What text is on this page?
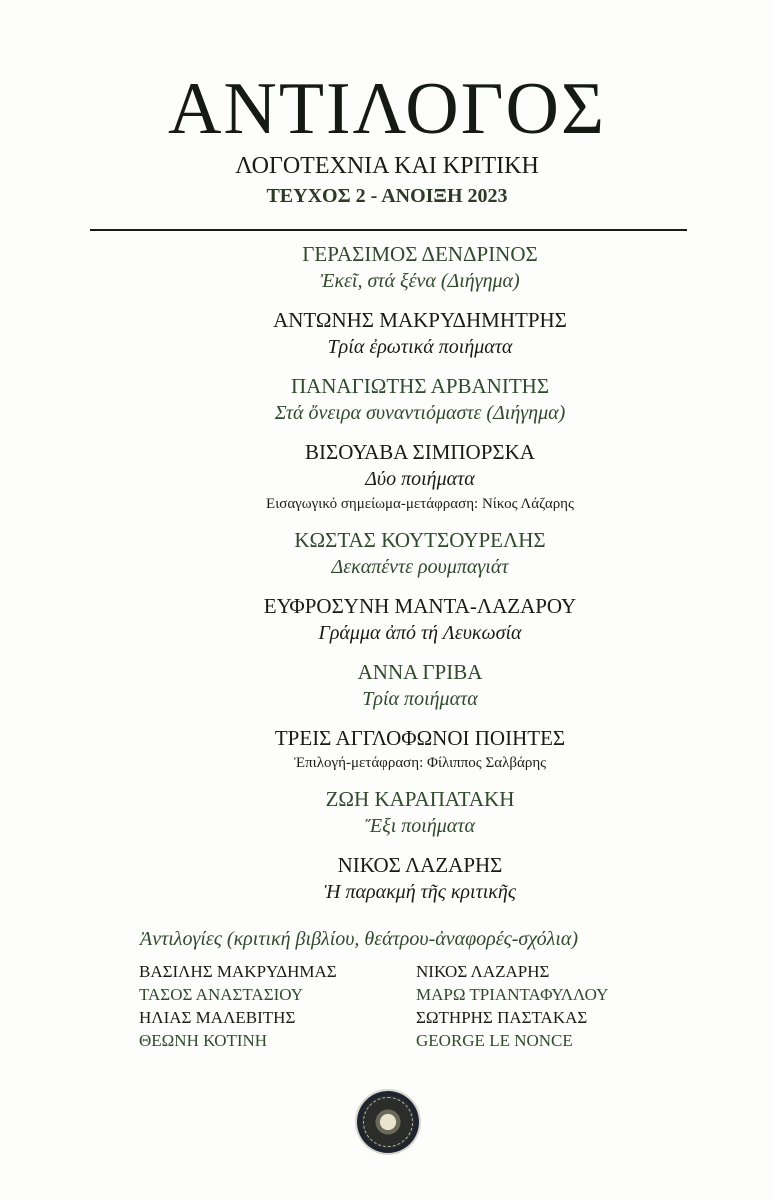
ΑΝΤΙΛΟΓΟΣ
ΛΟΓΟΤΕΧΝΙΑ ΚΑΙ ΚΡΙΤΙΚΗ
ΤΕΥΧΟΣ 2 - ΑΝΟΙΞΗ 2023
ΓΕΡΑΣΙΜΟΣ ΔΕΝΔΡΙΝΟΣ
Ἐκεῖ, στά ξένα (Διήγημα)
ΑΝΤΩΝΗΣ ΜΑΚΡΥΔΗΜΗΤΡΗΣ
Τρία ἐρωτικά ποιήματα
ΠΑΝΑΓΙΩΤΗΣ ΑΡΒΑΝΙΤΗΣ
Στά ὄνειρα συναντιόμαστε (Διήγημα)
ΒΙΣΟΥΑΒΑ ΣΙΜΠΟΡΣΚΑ
Δύο ποιήματα
Εισαγωγικό σημείωμα-μετάφραση: Νίκος Λάζαρης
ΚΩΣΤΑΣ ΚΟΥΤΣΟΥΡΕΛΗΣ
Δεκαπέντε ρουμπαγιάτ
ΕΥΦΡΟΣΥΝΗ ΜΑΝΤΑ-ΛΑΖΑΡΟΥ
Γράμμα ἀπό τή Λευκωσία
ΑΝΝΑ ΓΡΙΒΑ
Τρία ποιήματα
ΤΡΕΙΣ ΑΓΓΛΟΦΩΝΟΙ ΠΟΙΗΤΕΣ
Ἐπιλογή-μετάφραση: Φίλιππος Σαλβάρης
ΖΩΗ ΚΑΡΑΠΑΤΑΚΗ
Ἔξι ποιήματα
ΝΙΚΟΣ ΛΑΖΑΡΗΣ
Ἡ παρακμή τῆς κριτικῆς
Ἀντιλογίες (κριτική βιβλίου, θεάτρου-ἀναφορές-σχόλια)
ΒΑΣΙΛΗΣ ΜΑΚΡΥΔΗΜΑΣ
ΤΑΣΟΣ ΑΝΑΣΤΑΣΙΟΥ
ΗΛΙΑΣ ΜΑΛΕΒΙΤΗΣ
ΘΕΩΝΗ ΚΟΤΙΝΗ
ΝΙΚΟΣ ΛΑΖΑΡΗΣ
ΜΑΡΩ ΤΡΙΑΝΤΑΦΥΛΛΟΥ
ΣΩΤΗΡΗΣ ΠΑΣΤΑΚΑΣ
GEORGE LE NONCE
